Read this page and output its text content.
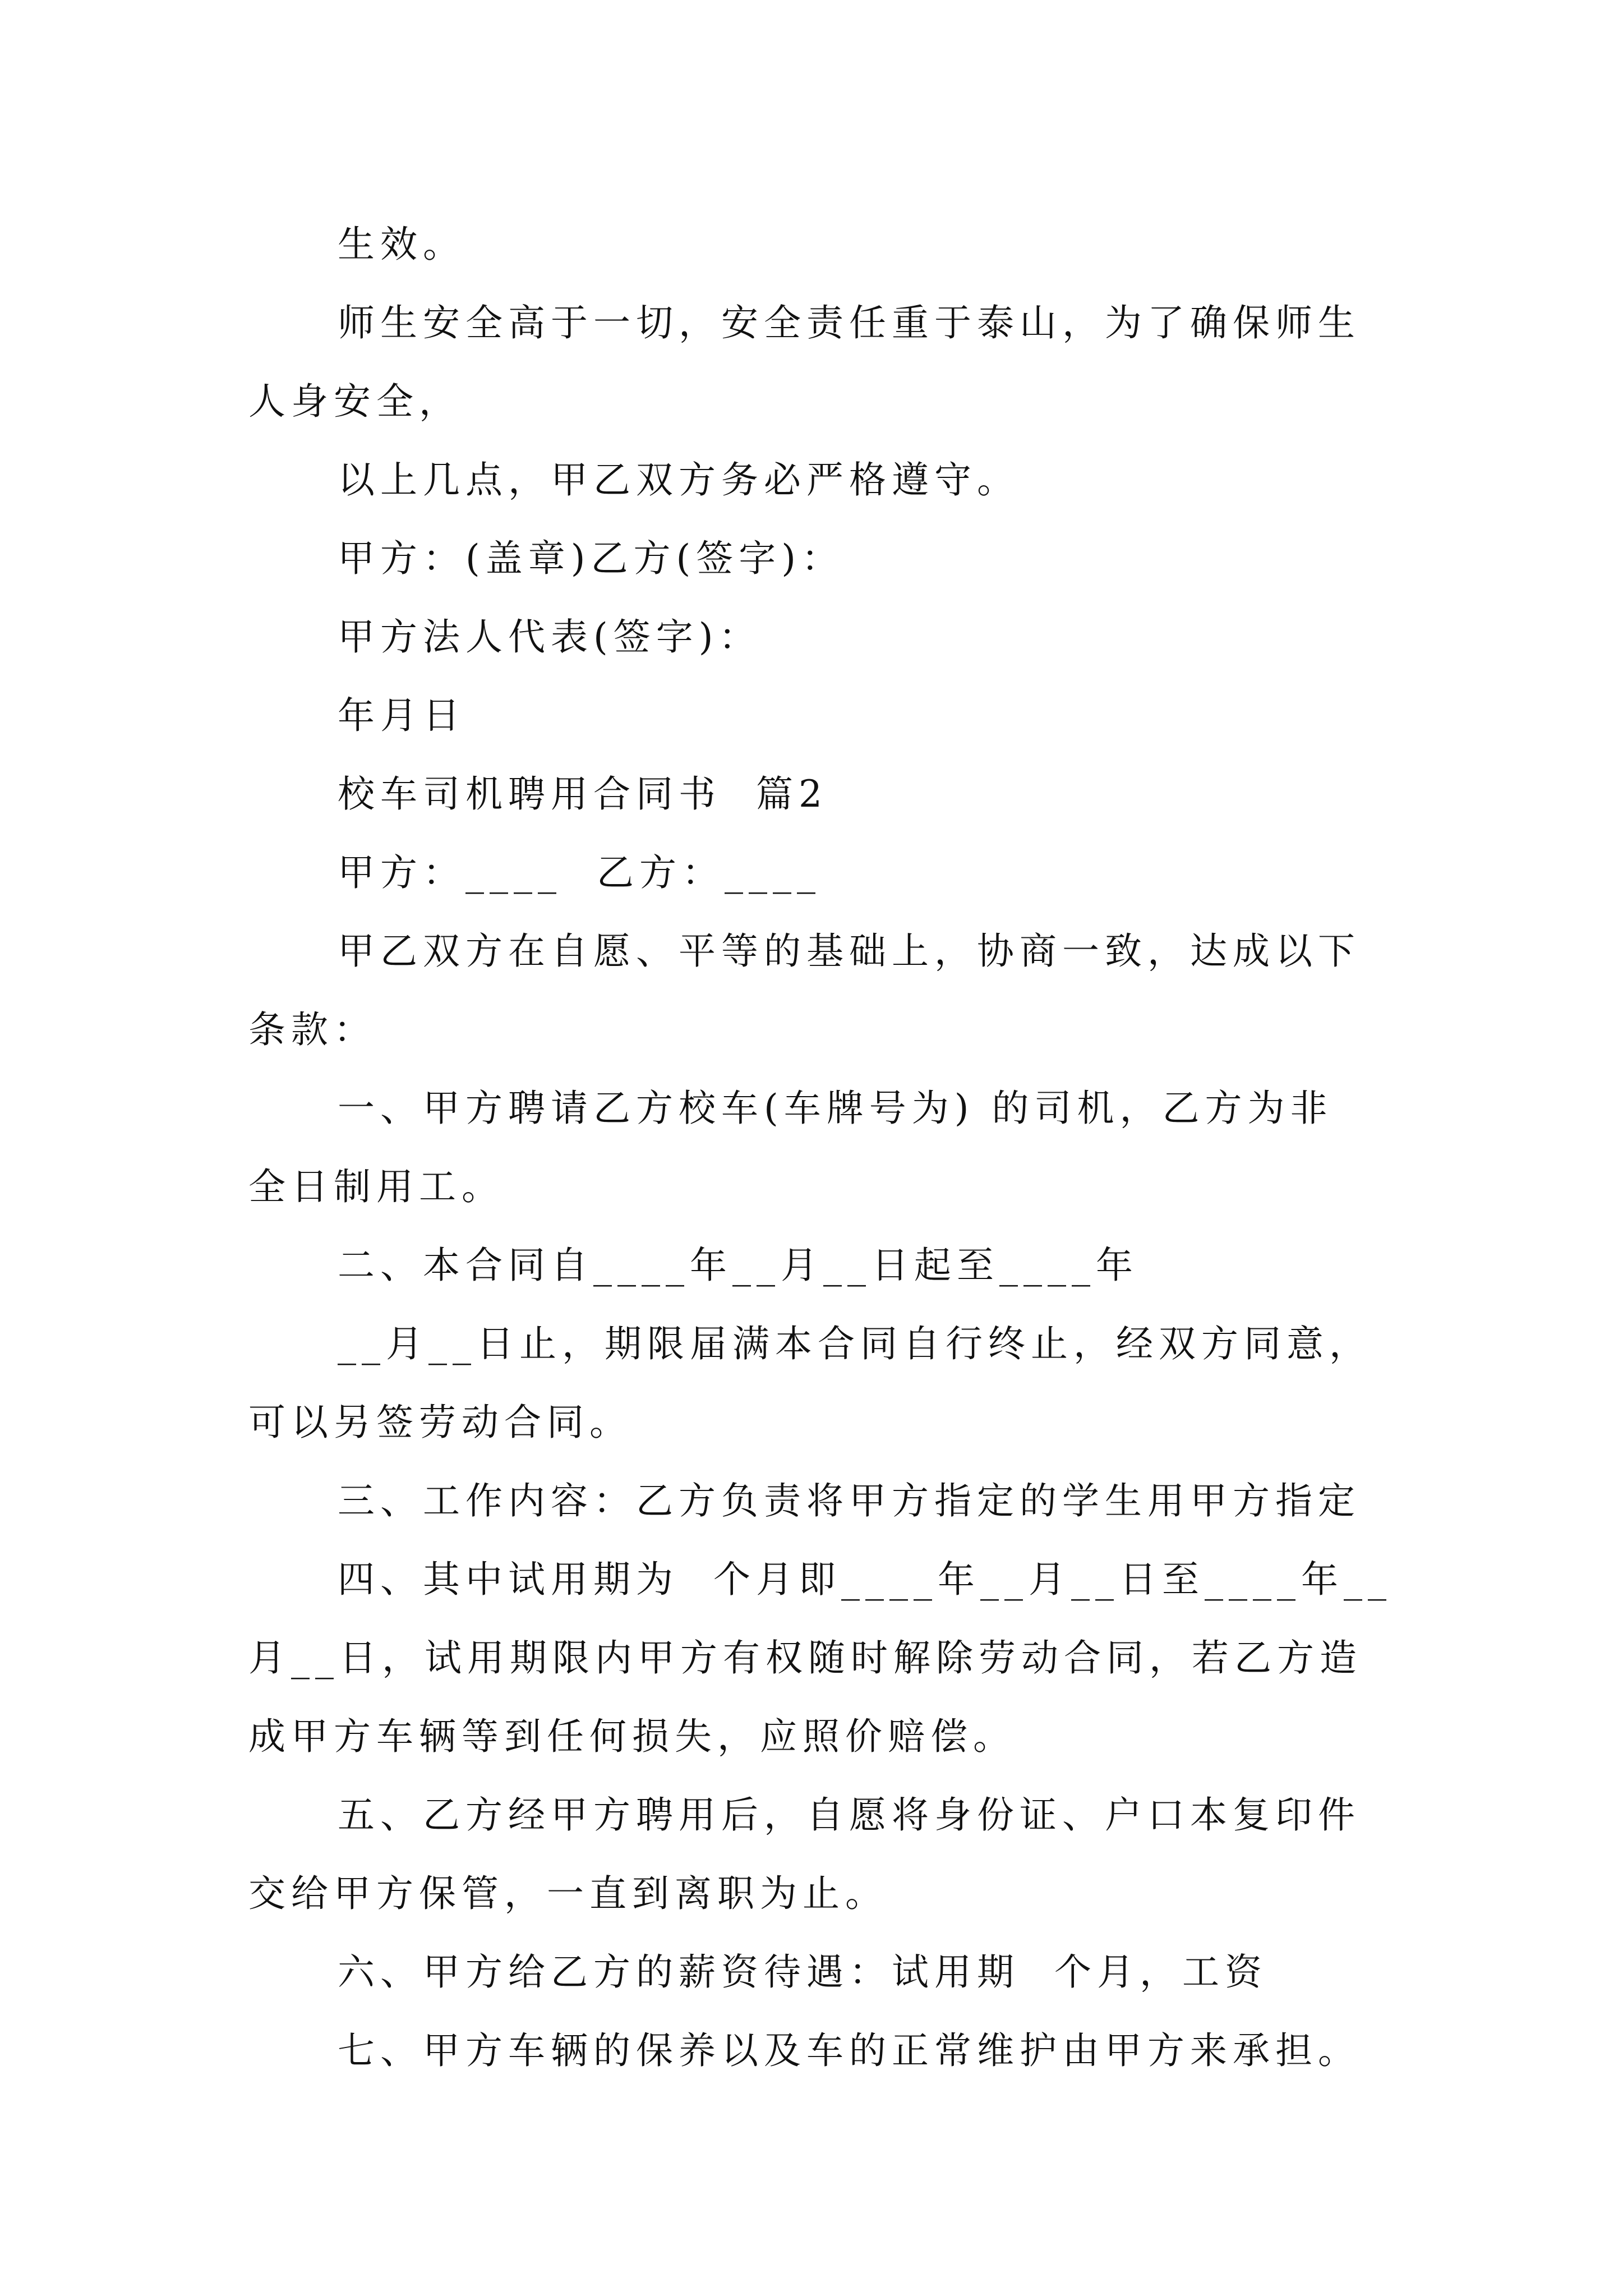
生效。
师生安全高于一切，安全责任重于泰山，为了确保师生
人身安全，
以上几点，甲乙双方务必严格遵守。
甲方：(盖章)乙方(签字)：
甲方法人代表(签字)：
年月日
校车司机聘用合同书  篇2
甲方：____  乙方：____
甲乙双方在自愿、平等的基础上，协商一致，达成以下
条款：
一、甲方聘请乙方校车(车牌号为) 的司机，乙方为非
全日制用工。
二、本合同自____年__月__日起至____年
__月__日止，期限届满本合同自行终止，经双方同意，
可以另签劳动合同。
三、工作内容：乙方负责将甲方指定的学生用甲方指定
四、其中试用期为  个月即____年__月__日至____年__
月__日，试用期限内甲方有权随时解除劳动合同，若乙方造
成甲方车辆等到任何损失，应照价赔偿。
五、乙方经甲方聘用后，自愿将身份证、户口本复印件
交给甲方保管，一直到离职为止。
六、甲方给乙方的薪资待遇：试用期  个月，工资
七、甲方车辆的保养以及车的正常维护由甲方来承担。
